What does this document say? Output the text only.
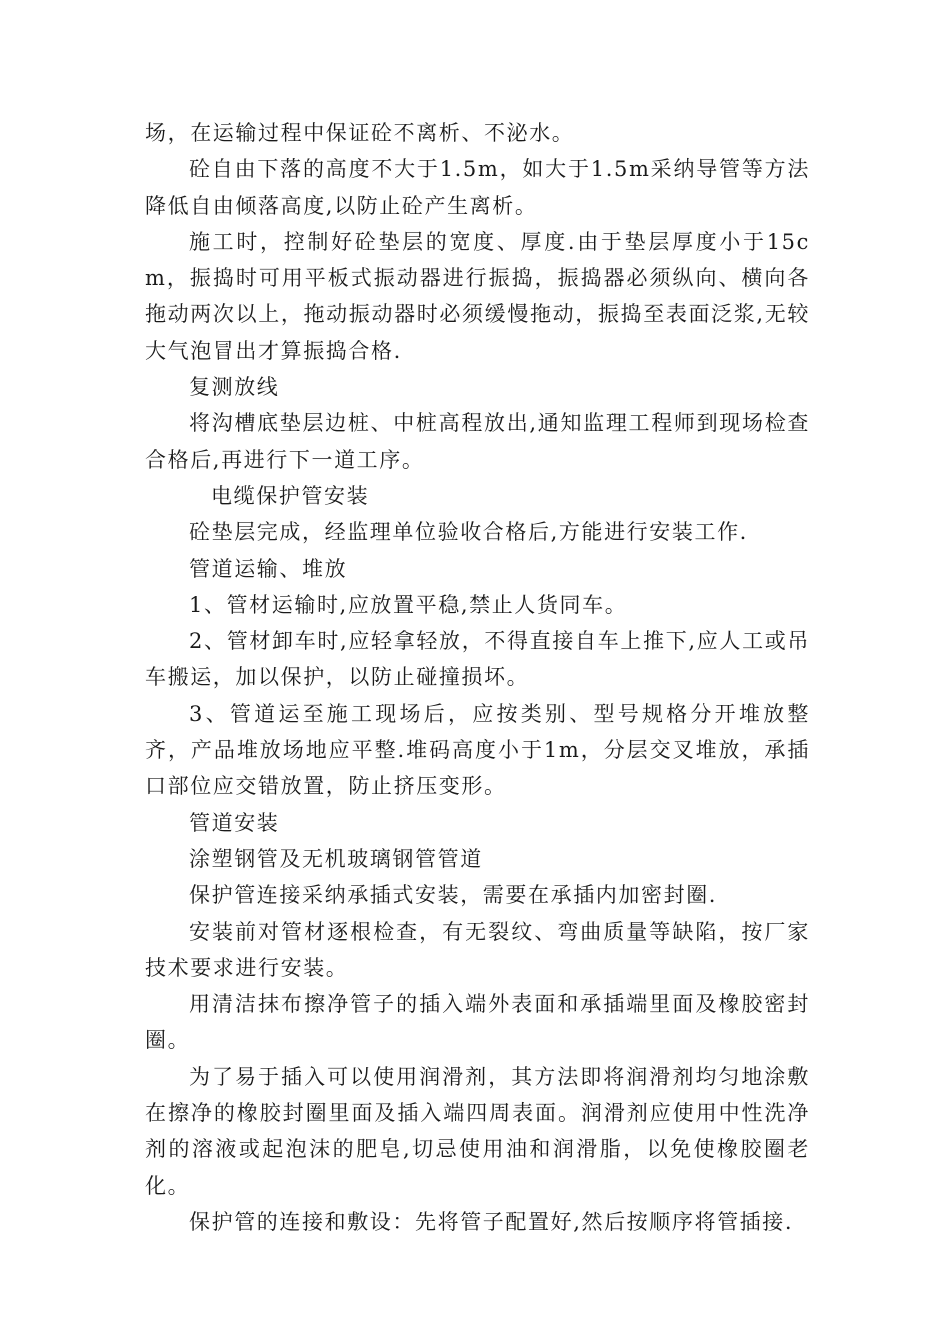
场，在运输过程中保证砼不离析、不泌水。

砼自由下落的高度不大于1.5m，如大于1.5m采纳导管等方法降低自由倾落高度,以防止砼产生离析。

施工时，控制好砼垫层的宽度、厚度.由于垫层厚度小于15cm，振捣时可用平板式振动器进行振捣，振捣器必须纵向、横向各拖动两次以上，拖动振动器时必须缓慢拖动，振捣至表面泛浆,无较大气泡冒出才算振捣合格.

复测放线

将沟槽底垫层边桩、中桩高程放出,通知监理工程师到现场检查合格后,再进行下一道工序。

电缆保护管安装

砼垫层完成，经监理单位验收合格后,方能进行安装工作.

管道运输、堆放

1、管材运输时,应放置平稳,禁止人货同车。

2、管材卸车时,应轻拿轻放，不得直接自车上推下,应人工或吊车搬运，加以保护，以防止碰撞损坏。

3、管道运至施工现场后，应按类别、型号规格分开堆放整齐，产品堆放场地应平整.堆码高度小于1m，分层交叉堆放，承插口部位应交错放置，防止挤压变形。

管道安装

涂塑钢管及无机玻璃钢管管道

保护管连接采纳承插式安装，需要在承插内加密封圈.

安装前对管材逐根检查，有无裂纹、弯曲质量等缺陷，按厂家技术要求进行安装。

用清洁抹布擦净管子的插入端外表面和承插端里面及橡胶密封圈。

为了易于插入可以使用润滑剂，其方法即将润滑剂均匀地涂敷在擦净的橡胶封圈里面及插入端四周表面。润滑剂应使用中性洗净剂的溶液或起泡沫的肥皂,切忌使用油和润滑脂，以免使橡胶圈老化。

保护管的连接和敷设：先将管子配置好,然后按顺序将管插接.
